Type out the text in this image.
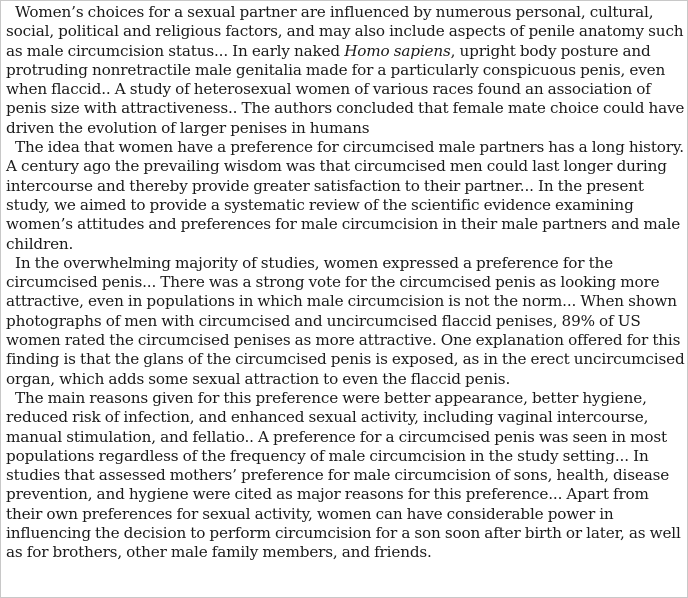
Women’s choices for a sexual partner are influenced by numerous personal, cultural, social, political and religious factors, and may also include aspects of penile anatomy such as male circumcision status... In early naked Homo sapiens, upright body posture and protruding nonretractile male genitalia made for a particularly conspicuous penis, even when flaccid.. A study of heterosexual women of various races found an association of penis size with attractiveness.. The authors concluded that female mate choice could have driven the evolution of larger penises in humans

The idea that women have a preference for circumcised male partners has a long history. A century ago the prevailing wisdom was that circumcised men could last longer during intercourse and thereby provide greater satisfaction to their partner... In the present study, we aimed to provide a systematic review of the scientific evidence examining women’s attitudes and preferences for male circumcision in their male partners and male children.

In the overwhelming majority of studies, women expressed a preference for the circumcised penis... There was a strong vote for the circumcised penis as looking more attractive, even in populations in which male circumcision is not the norm... When shown photographs of men with circumcised and uncircumcised flaccid penises, 89% of US women rated the circumcised penises as more attractive. One explanation offered for this finding is that the glans of the circumcised penis is exposed, as in the erect uncircumcised organ, which adds some sexual attraction to even the flaccid penis.

The main reasons given for this preference were better appearance, better hygiene, reduced risk of infection, and enhanced sexual activity, including vaginal intercourse, manual stimulation, and fellatio.. A preference for a circumcised penis was seen in most populations regardless of the frequency of male circumcision in the study setting... In studies that assessed mothers’ preference for male circumcision of sons, health, disease prevention, and hygiene were cited as major reasons for this preference... Apart from their own preferences for sexual activity, women can have considerable power in influencing the decision to perform circumcision for a son soon after birth or later, as well as for brothers, other male family members, and friends.
